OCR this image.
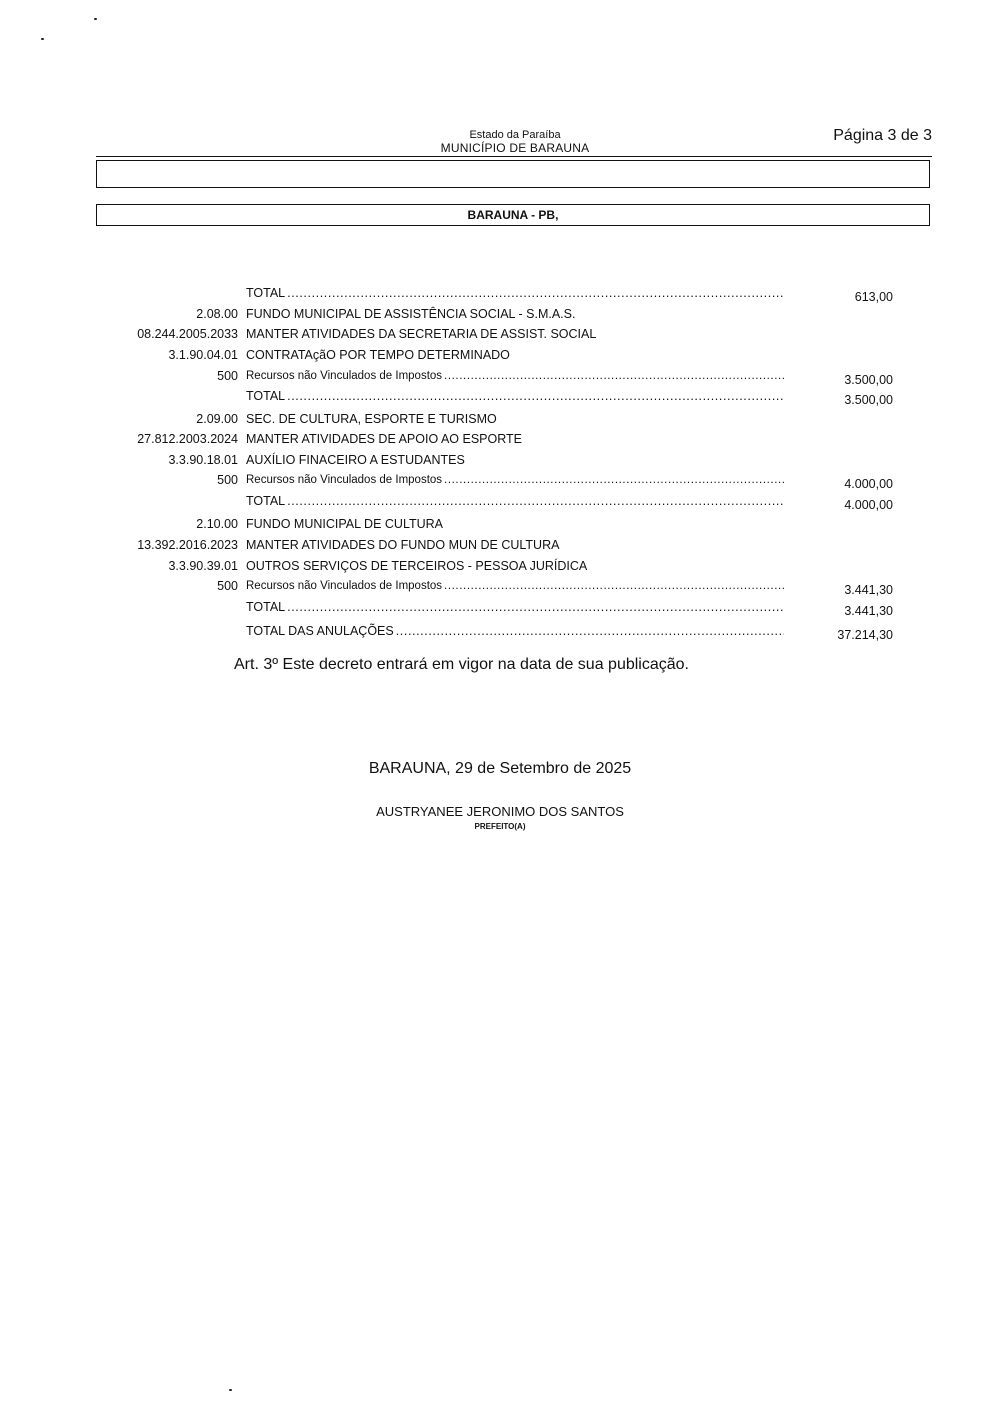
Estado da Paraíba
MUNICÍPIO DE BARAUNA
Página 3 de 3
BARAUNA - PB,
TOTAL .....	613,00
2.08.00 FUNDO MUNICIPAL DE ASSISTÊNCIA SOCIAL - S.M.A.S.
08.244.2005.2033 MANTER ATIVIDADES DA SECRETARIA DE ASSIST. SOCIAL
3.1.90.04.01 CONTRATAçãO POR TEMPO DETERMINADO
500 Recursos não Vinculados de Impostos .....	3.500,00
TOTAL .....	3.500,00
2.09.00 SEC. DE CULTURA, ESPORTE E TURISMO
27.812.2003.2024 MANTER ATIVIDADES DE APOIO AO ESPORTE
3.3.90.18.01 AUXÍLIO FINACEIRO A ESTUDANTES
500 Recursos não Vinculados de Impostos .....	4.000,00
TOTAL .....	4.000,00
2.10.00 FUNDO MUNICIPAL DE CULTURA
13.392.2016.2023 MANTER ATIVIDADES DO FUNDO MUN DE CULTURA
3.3.90.39.01 OUTROS SERVIÇOS DE TERCEIROS - PESSOA JURÍDICA
500 Recursos não Vinculados de Impostos .....	3.441,30
TOTAL .....	3.441,30
TOTAL DAS ANULAÇÕES .....	37.214,30
Art. 3º Este decreto entrará em vigor na data de sua publicação.
BARAUNA, 29 de Setembro de 2025
AUSTRYANEE JERONIMO DOS SANTOS
PREFEITO(A)
